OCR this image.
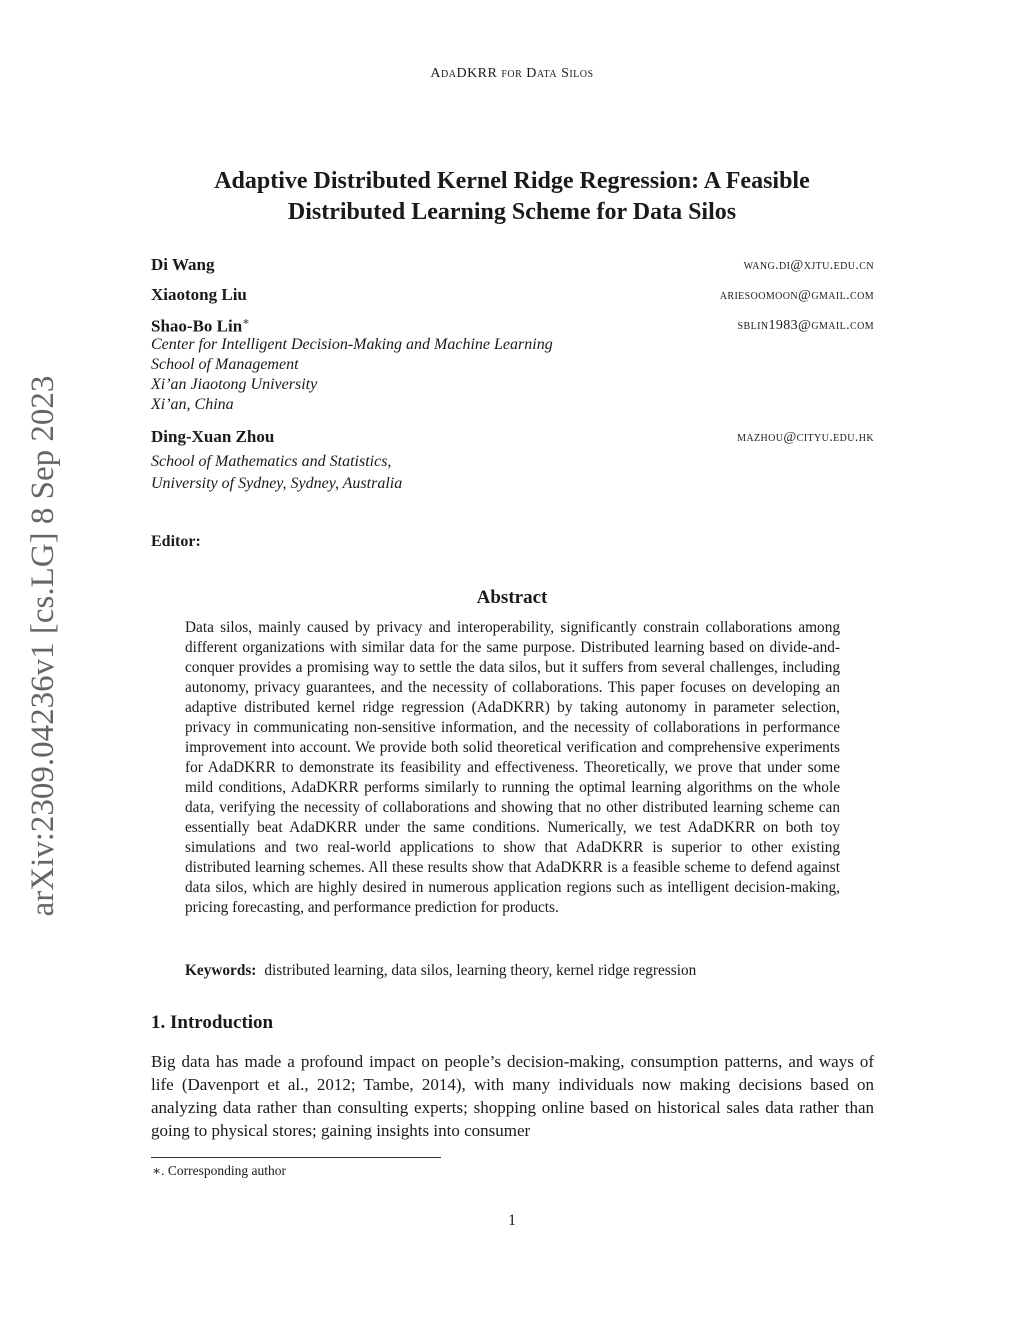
AdaDKRR for Data Silos
arXiv:2309.04236v1 [cs.LG] 8 Sep 2023
Adaptive Distributed Kernel Ridge Regression: A Feasible
Distributed Learning Scheme for Data Silos
Di Wang	wang.di@xjtu.edu.cn
Xiaotong Liu	ariesoomoon@gmail.com
Shao-Bo Lin∗	sblin1983@gmail.com
Center for Intelligent Decision-Making and Machine Learning
School of Management
Xi’an Jiaotong University
Xi’an, China
Ding-Xuan Zhou	mazhou@cityu.edu.hk
School of Mathematics and Statistics,
University of Sydney, Sydney, Australia
Editor:
Abstract
Data silos, mainly caused by privacy and interoperability, significantly constrain collaborations among different organizations with similar data for the same purpose. Distributed learning based on divide-and-conquer provides a promising way to settle the data silos, but it suffers from several challenges, including autonomy, privacy guarantees, and the necessity of collaborations. This paper focuses on developing an adaptive distributed kernel ridge regression (AdaDKRR) by taking autonomy in parameter selection, privacy in communicating non-sensitive information, and the necessity of collaborations in performance improvement into account. We provide both solid theoretical verification and comprehensive experiments for AdaDKRR to demonstrate its feasibility and effectiveness. Theoretically, we prove that under some mild conditions, AdaDKRR performs similarly to running the optimal learning algorithms on the whole data, verifying the necessity of collaborations and showing that no other distributed learning scheme can essentially beat AdaDKRR under the same conditions. Numerically, we test AdaDKRR on both toy simulations and two real-world applications to show that AdaDKRR is superior to other existing distributed learning schemes. All these results show that AdaDKRR is a feasible scheme to defend against data silos, which are highly desired in numerous application regions such as intelligent decision-making, pricing forecasting, and performance prediction for products.
Keywords: distributed learning, data silos, learning theory, kernel ridge regression
1. Introduction
Big data has made a profound impact on people’s decision-making, consumption patterns, and ways of life (Davenport et al., 2012; Tambe, 2014), with many individuals now making decisions based on analyzing data rather than consulting experts; shopping online based on historical sales data rather than going to physical stores; gaining insights into consumer
∗. Corresponding author
1
